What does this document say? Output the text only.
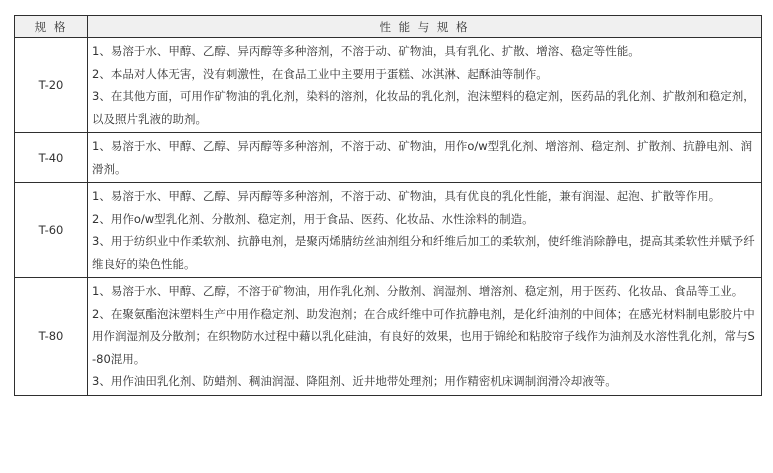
规 格	性 能 与 规 格
T-20	1、易溶于水、甲醇、乙醇、异丙醇等多种溶剂，不溶于动、矿物油，具有乳化、扩散、增溶、稳定等性能。

2、本品对人体无害，没有刺激性，在食品工业中主要用于蛋糕、冰淇淋、起酥油等制作。

3、在其他方面，可用作矿物油的乳化剂，染料的溶剂，化妆品的乳化剂，泡沫塑料的稳定剂，医药品的乳化剂、扩散剂和稳定剂，以及照片乳液的助剂。

T-40	1、易溶于水、甲醇、乙醇、异丙醇等多种溶剂，不溶于动、矿物油，用作o/w型乳化剂、增溶剂、稳定剂、扩散剂、抗静电剂、润滑剂。

T-60	1、易溶于水、甲醇、乙醇、异丙醇等多种溶剂，不溶于动、矿物油，具有优良的乳化性能，兼有润湿、起泡、扩散等作用。

2、用作o/w型乳化剂、分散剂、稳定剂，用于食品、医药、化妆品、水性涂料的制造。

3、用于纺织业中作柔软剂、抗静电剂，是聚丙烯腈纺丝油剂组分和纤维后加工的柔软剂，使纤维消除静电，提高其柔软性并赋予纤维良好的染色性能。

T-80	1、易溶于水、甲醇、乙醇，不溶于矿物油，用作乳化剂、分散剂、润湿剂、增溶剂、稳定剂，用于医药、化妆品、食品等工业。

2、在聚氨酯泡沫塑料生产中用作稳定剂、助发泡剂；在合成纤维中可作抗静电剂，是化纤油剂的中间体；在感光材料制电影胶片中用作润湿剂及分散剂；在织物防水过程中藉以乳化硅油，有良好的效果，也用于锦纶和粘胶帘子线作为油剂及水溶性乳化剂，常与S-80混用。

3、用作油田乳化剂、防蜡剂、稠油润湿、降阻剂、近井地带处理剂；用作精密机床调制润滑冷却液等。
